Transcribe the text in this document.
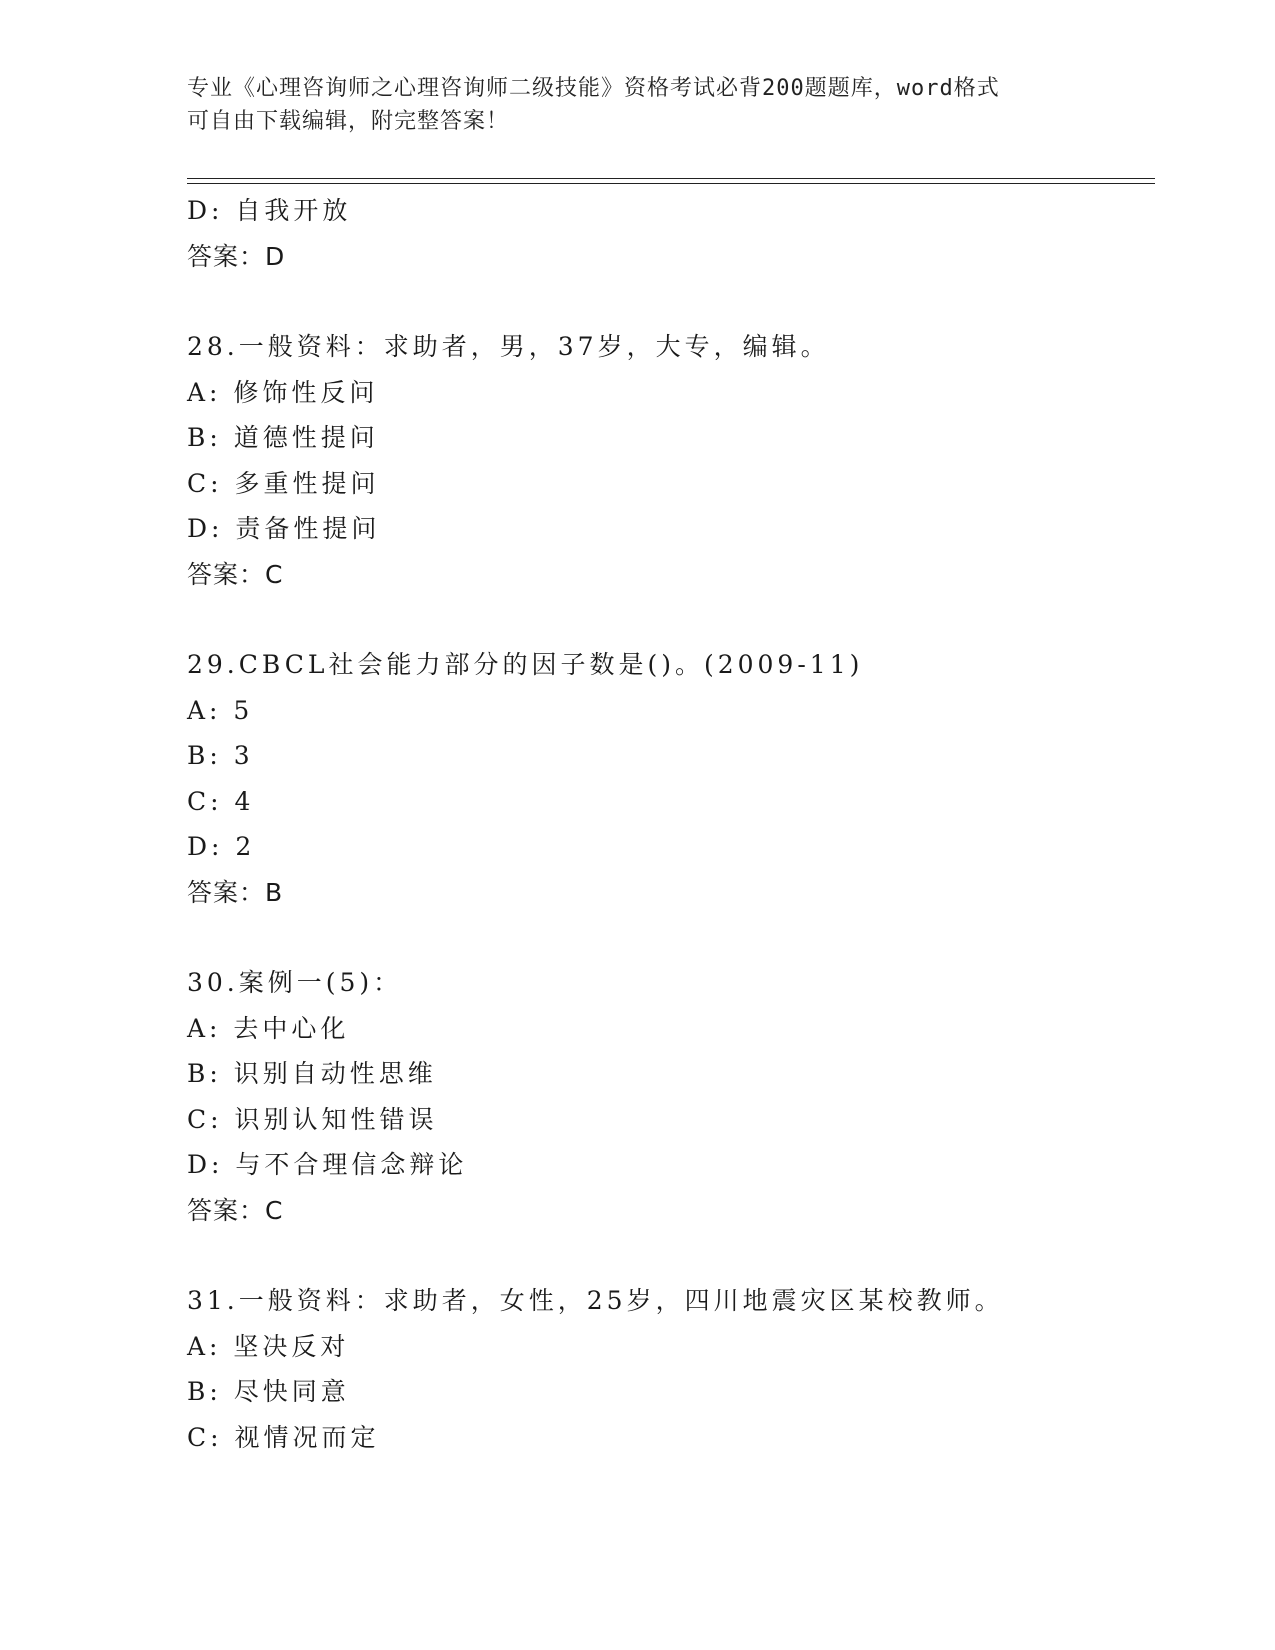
专业《心理咨询师之心理咨询师二级技能》资格考试必背200题题库，word格式
可自由下载编辑，附完整答案！
D: 自我开放
答案：D
28.一般资料：求助者，男，37岁，大专，编辑。
A: 修饰性反问
B: 道德性提问
C: 多重性提问
D: 责备性提问
答案：C
29.CBCL社会能力部分的因子数是()。(2009-11)
A: 5
B: 3
C: 4
D: 2
答案：B
30.案例一(5)：
A: 去中心化
B: 识别自动性思维
C: 识别认知性错误
D: 与不合理信念辩论
答案：C
31.一般资料：求助者，女性，25岁，四川地震灾区某校教师。
A: 坚决反对
B: 尽快同意
C: 视情况而定
